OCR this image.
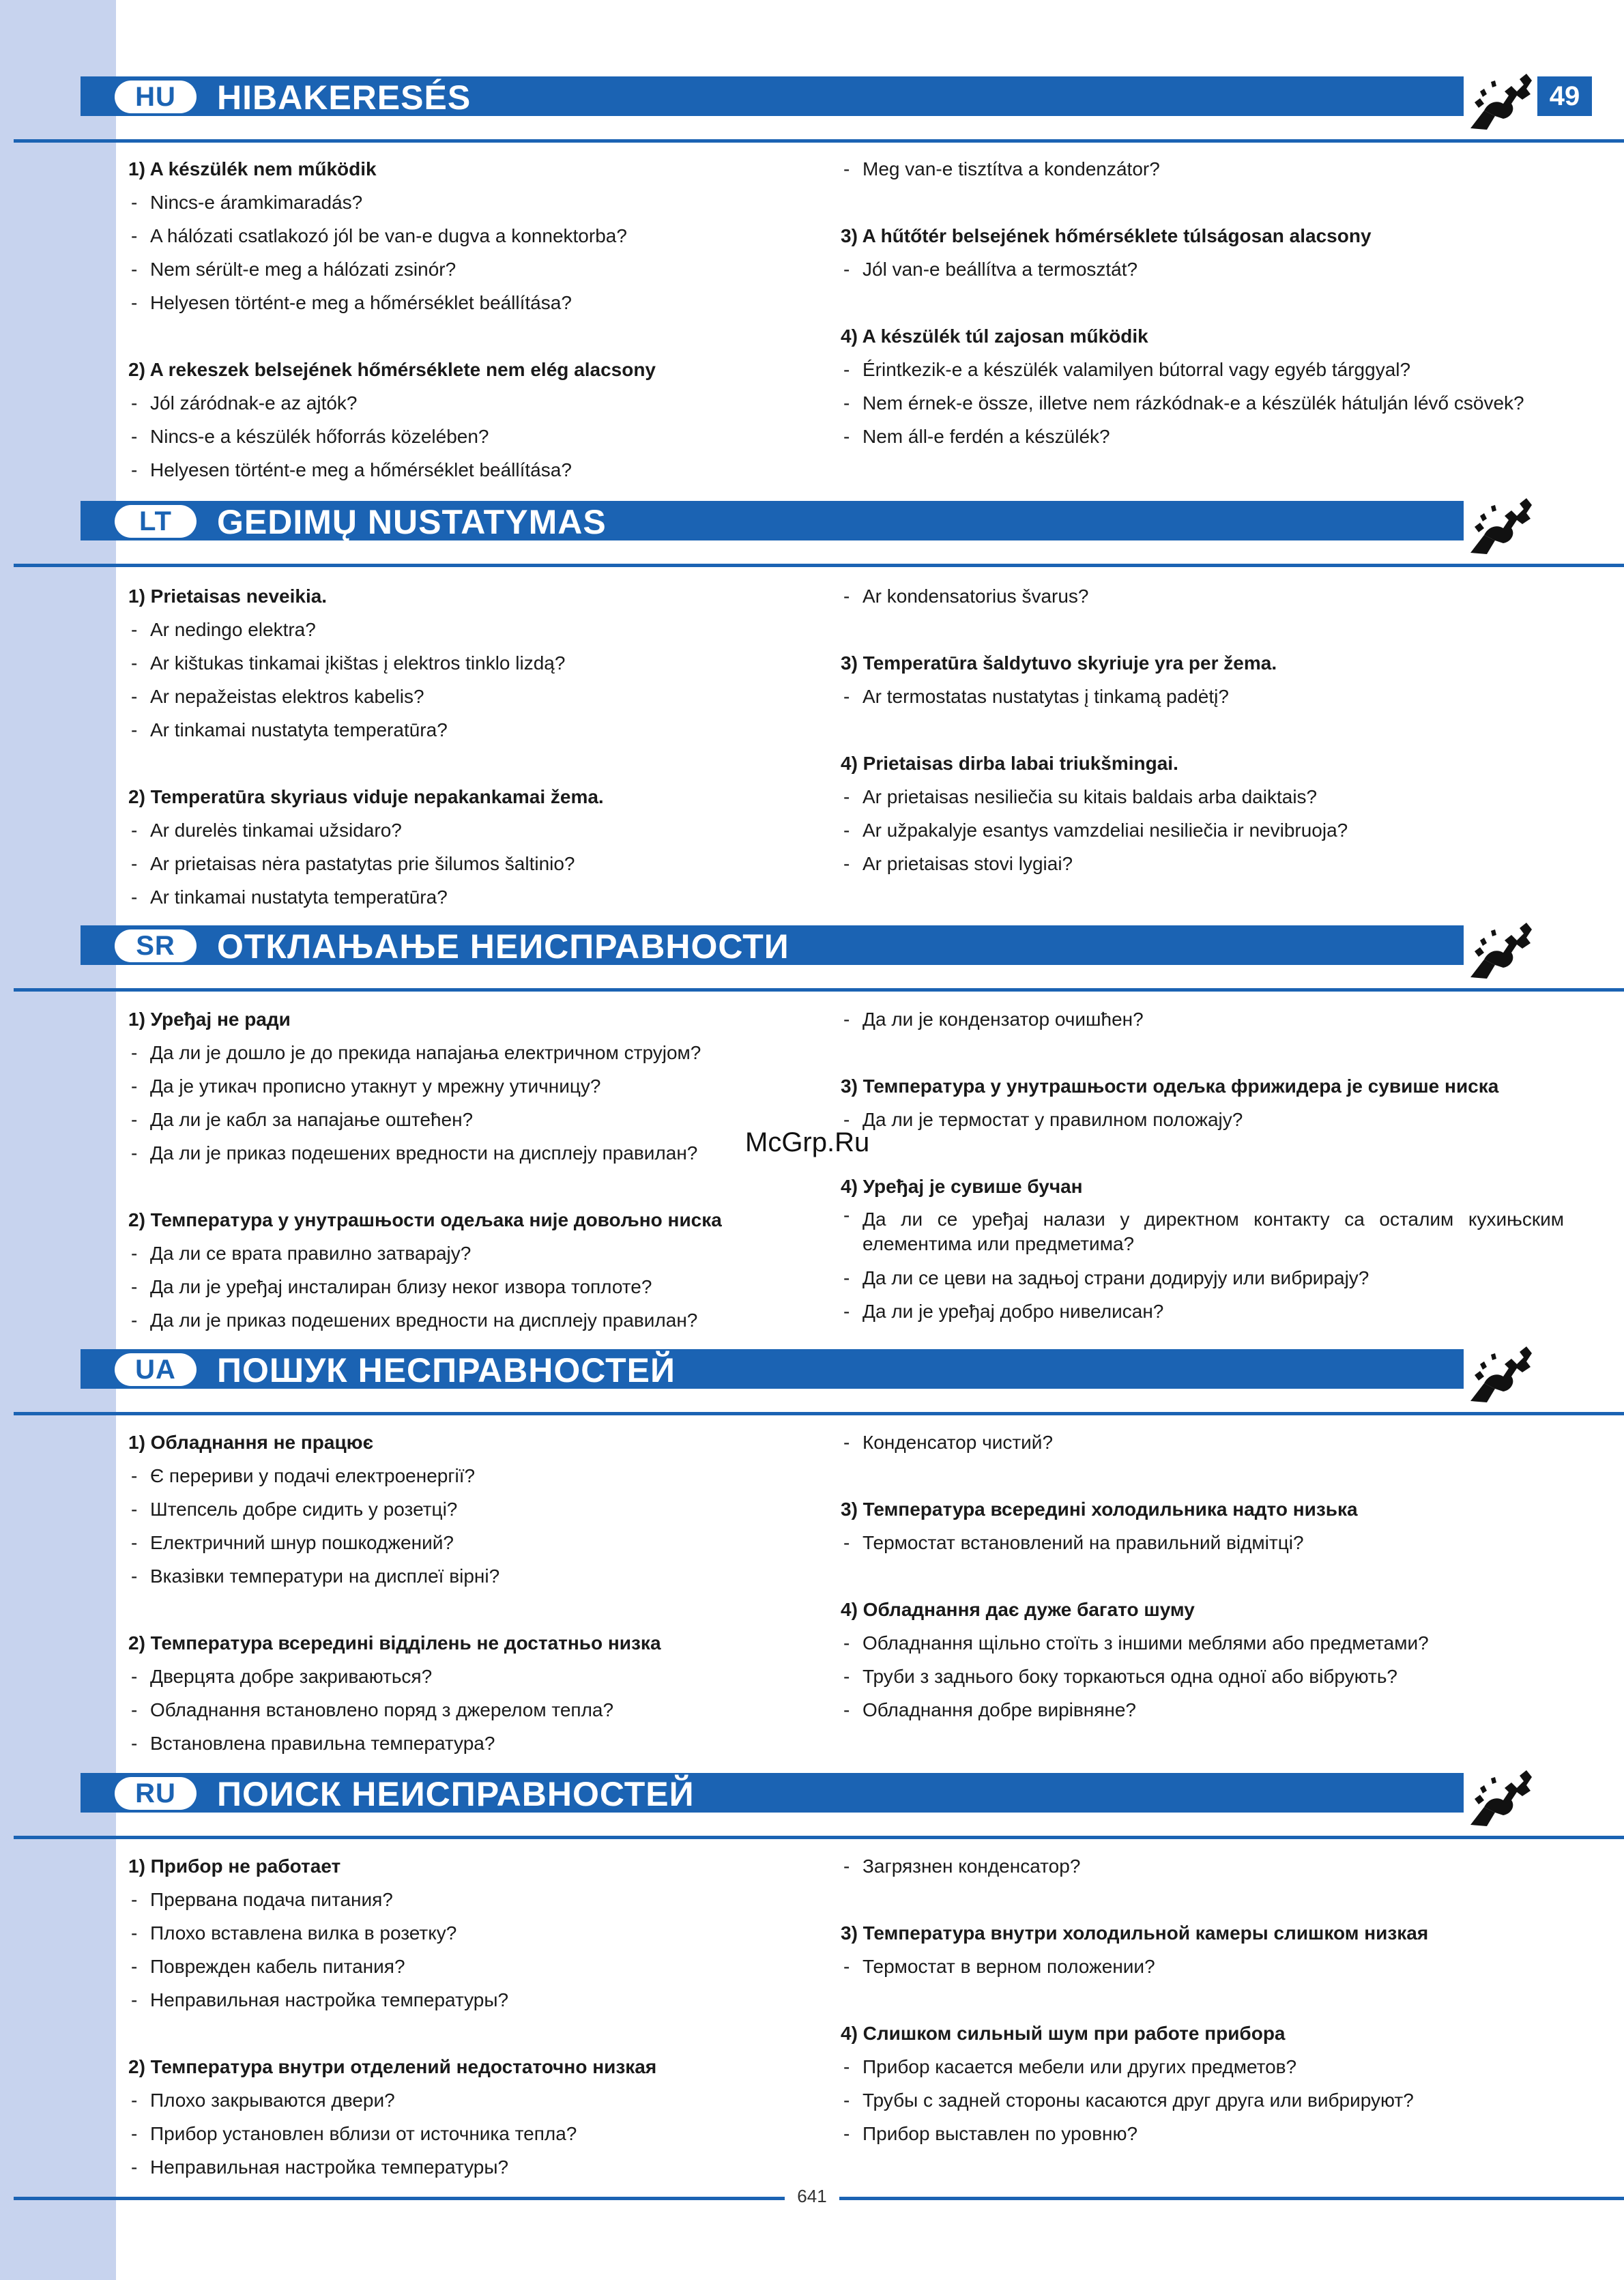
HU	HIBAKERESÉS	49
1) A készülék nem működik
- Nincs-e áramkimaradás?
- A hálózati csatlakozó jól be van-e dugva a konnektorba?
- Nem sérült-e meg a hálózati zsinór?
- Helyesen történt-e meg a hőmérséklet beállítása?
2) A rekeszek belsejének hőmérséklete nem elég alacsony
- Jól záródnak-e az ajtók?
- Nincs-e a készülék hőforrás közelében?
- Helyesen történt-e meg a hőmérséklet beállítása?
- Meg van-e tisztítva a kondenzátor?
3) A hűtőtér belsejének hőmérséklete túlságosan alacsony
- Jól van-e beállítva a termosztát?
4) A készülék túl zajosan működik
- Érintkezik-e a készülék valamilyen bútorral vagy egyéb tárggyal?
- Nem érnek-e össze, illetve nem rázkódnak-e a készülék hátulján lévő csövek?
- Nem áll-e ferdén a készülék?
LT	GEDIMŲ NUSTATYMAS
1) Prietaisas neveikia.
- Ar nedingo elektra?
- Ar kištukas tinkamai įkištas į elektros tinklo lizdą?
- Ar nepažeistas elektros kabelis?
- Ar tinkamai nustatyta temperatūra?
2) Temperatūra skyriaus viduje nepakankamai žema.
- Ar durelės tinkamai užsidaro?
- Ar prietaisas nėra pastatytas prie šilumos šaltinio?
- Ar tinkamai nustatyta temperatūra?
- Ar kondensatorius švarus?
3) Temperatūra šaldytuvo skyriuje yra per žema.
- Ar termostatas nustatytas į tinkamą padėtį?
4) Prietaisas dirba labai triukšmingai.
- Ar prietaisas nesiliečia su kitais baldais arba daiktais?
- Ar užpakalyje esantys vamzdeliai nesiliečia ir nevibruoja?
- Ar prietaisas stovi lygiai?
SR	ОТКЛАЊАЊЕ НЕИСПРАВНОСТИ
1) Уређај не ради
- Да ли је дошло је до прекида напајања електричном струјом?
- Да је утикач прописно утакнут у мрежну утичницу?
- Да ли је кабл за напајање оштећен?
- Да ли је приказ подешених вредности на дисплеју правилан?
2) Температура у унутрашњости одељака није довољно ниска
- Да ли се врата правилно затварају?
- Да ли је уређај инсталиран близу неког извора топлоте?
- Да ли је приказ подешених вредности на дисплеју правилан?
- Да ли је кондензатор очишћен?
3) Температура у унутрашњости одељка фрижидера је сувише ниска
- Да ли је термостат у правилном положају?
4) Уређај је сувише бучан
- Да ли се уређај налази у директном контакту са осталим кухињским елементима или предметима?
- Да ли се цеви на задњој страни додирују или вибрирају?
- Да ли је уређај добро нивелисан?
McGrp.Ru
UA	ПОШУК НЕСПРАВНОСТЕЙ
1) Обладнання не працює
- Є перериви у подачі електроенергії?
- Штепсель добре сидить у розетці?
- Електричний шнур пошкоджений?
- Вказівки температури на дисплеї вірні?
2) Температура всередині відділень не достатньо низка
- Дверцята добре закриваються?
- Обладнання встановлено поряд з джерелом тепла?
- Встановлена правильна температура?
- Конденсатор чистий?
3) Температура всередині холодильника надто низька
- Термостат встановлений на правильний відмітці?
4) Обладнання дає дуже багато шуму
- Обладнання щільно стоїть з іншими меблями або предметами?
- Труби з заднього боку торкаються одна одної або вібрують?
- Обладнання добре вирівняне?
RU	ПОИСК НЕИСПРАВНОСТЕЙ
1) Прибор не работает
- Прервана подача питания?
- Плохо вставлена вилка в розетку?
- Поврежден кабель питания?
- Неправильная настройка температуры?
2) Температура внутри отделений недостаточно низкая
- Плохо закрываются двери?
- Прибор установлен вблизи от источника тепла?
- Неправильная настройка температуры?
- Загрязнен конденсатор?
3) Температура внутри холодильной камеры слишком низкая
- Термостат в верном положении?
4) Слишком сильный шум при работе прибора
- Прибор касается мебели или других предметов?
- Трубы с задней стороны касаются друг друга или вибрируют?
- Прибор выставлен по уровню?
641
